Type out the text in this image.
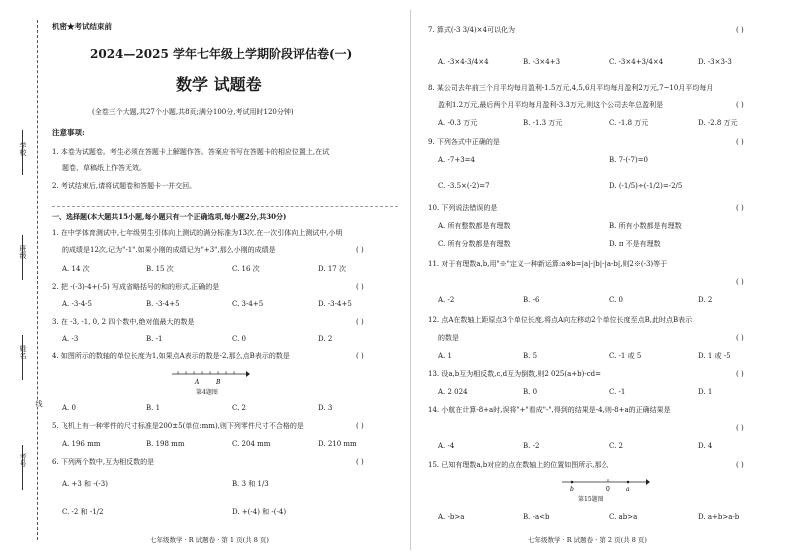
学校
班级
姓名
线
考号
机密★考试结束前
2024—2025 学年七年级上学期阶段评估卷(一)
数学 试题卷
(全卷三个大题,共27个小题,共8页;满分100分,考试用时120分钟)
注意事项:
1. 本卷为试题卷。考生必须在答题卡上解题作答。答案应书写在答题卡的相应位置上,在试
题卷、草稿纸上作答无效。
2. 考试结束后,请将试题卷和答题卡一并交回。
一、选择题(本大题共15小题,每小题只有一个正确选项,每小题2分,共30分)
1. 在中学体育测试中,七年级男生引体向上测试的满分标准为13次.在一次引体向上测试中,小明
的成绩是12次,记为"-1".如果小刚的成绩记为"+3",那么小刚的成绩是	( )
A. 14 次	B. 15 次	C. 16 次	D. 17 次
2. 把 -(-3)-4+(-5) 写成省略括号的和的形式,正确的是	( )
A. -3-4-5	B. -3-4+5	C. 3-4+5	D. -3-4+5
3. 在 -3, -1, 0, 2 四个数中,绝对值最大的数是	( )
A. -3	B. -1	C. 0	D. 2
4. 如图所示的数轴的单位长度为1,如果点A表示的数是-2,那么点B表示的数是	( )
A	B
第4题图
A. 0	B. 1	C. 2	D. 3
5. 飞机上有一种零件的尺寸标准是200±5(单位:mm),则下列零件尺寸不合格的是	( )
A. 196 mm	B. 198 mm	C. 204 mm	D. 210 mm
6. 下列两个数中,互为相反数的是	( )
A. +3 和 -(-3)	B. 3 和 1/3
C. -2 和 -1/2	D. +(-4) 和 -(-4)
七年级数学 · R 试题卷 · 第 1 页(共 8 页)
7. 算式(-3 3/4)×4可以化为	( )
A. -3×4-3/4×4	B. -3×4+3	C. -3×4+3/4×4	D. -3×3-3
8. 某公司去年前三个月平均每月盈利-1.5万元,4,5,6月平均每月盈利2万元,7~10月平均每月
盈利1.2万元,最后两个月平均每月盈利-3.3万元,则这个公司去年总盈利是	( )
A. -0.3 万元	B. -1.3 万元	C. -1.8 万元	D. -2.8 万元
9. 下列各式中正确的是	( )
A. -7+3=4	B. 7-(-7)=0
C. -3.5×(-2)=7	D. (-1/5)÷(-1/2)=-2/5
10. 下列说法错误的是	( )
A. 所有整数都是有理数	B. 所有小数都是有理数
C. 所有分数都是有理数	D. π 不是有理数
11. 对于有理数a,b,用"※"定义一种新运算:a※b=|a|-|b|-|a-b|,则2※(-3)等于
( )
A. -2	B. -6	C. 0	D. 2
12. 点A在数轴上距原点3个单位长度,将点A向左移动2个单位长度至点B,此时点B表示
的数是	( )
A. 1	B. 5	C. -1 或 5	D. 1 或 -5
13. 设a,b互为相反数,c,d互为倒数,则2 025(a+b)-cd=	( )
A. 2 024	B. 0	C. -1	D. 1
14. 小航在计算-8+a时,误将"+"看成"-",得到的结果是-4,则-8+a的正确结果是
( )
A. -4	B. -2	C. 2	D. 4
15. 已知有理数a,b对应的点在数轴上的位置如图所示,那么	( )
b	0	a
第15题图
A. -b>a	B. -a<b	C. ab>a	D. a+b>a-b
七年级数学 · R 试题卷 · 第 2 页(共 8 页)
